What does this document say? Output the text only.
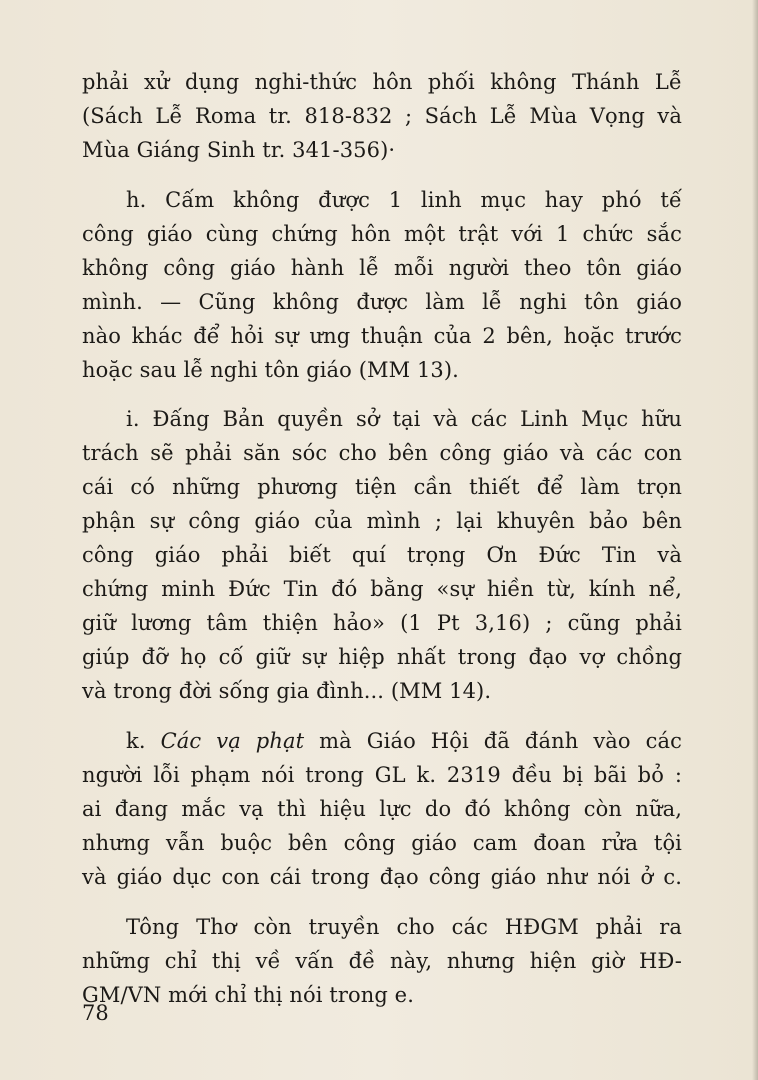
phải xử dụng nghi-thức hôn phối không Thánh Lễ
(Sách Lễ Roma tr. 818-832 ; Sách Lễ Mùa Vọng và
Mùa Giáng Sinh tr. 341-356)·
h. Cấm không được 1 linh mục hay phó tế
công giáo cùng chứng hôn một trật với 1 chức sắc
không công giáo hành lễ mỗi người theo tôn giáo
mình. — Cũng không được làm lễ nghi tôn giáo
nào khác để hỏi sự ưng thuận của 2 bên, hoặc trước
hoặc sau lễ nghi tôn giáo (MM 13).
i. Đấng Bản quyền sở tại và các Linh Mục hữu
trách sẽ phải săn sóc cho bên công giáo và các con
cái có những phương tiện cần thiết để làm trọn
phận sự công giáo của mình ; lại khuyên bảo bên
công giáo phải biết quí trọng Ơn Đức Tin và
chứng minh Đức Tin đó bằng «sự hiền từ, kính nể,
giữ lương tâm thiện hảo» (1 Pt 3,16) ; cũng phải
giúp đỡ họ cố giữ sự hiệp nhất trong đạo vợ chồng
và trong đời sống gia đình... (MM 14).
k. Các vạ phạt mà Giáo Hội đã đánh vào các
người lỗi phạm nói trong GL k. 2319 đều bị bãi bỏ :
ai đang mắc vạ thì hiệu lực do đó không còn nữa,
nhưng vẫn buộc bên công giáo cam đoan rửa tội
và giáo dục con cái trong đạo công giáo như nói ở c.
Tông Thơ còn truyền cho các HĐGM phải ra
những chỉ thị về vấn đề này, nhưng hiện giờ HĐ-
GM/VN mới chỉ thị nói trong e.
78
